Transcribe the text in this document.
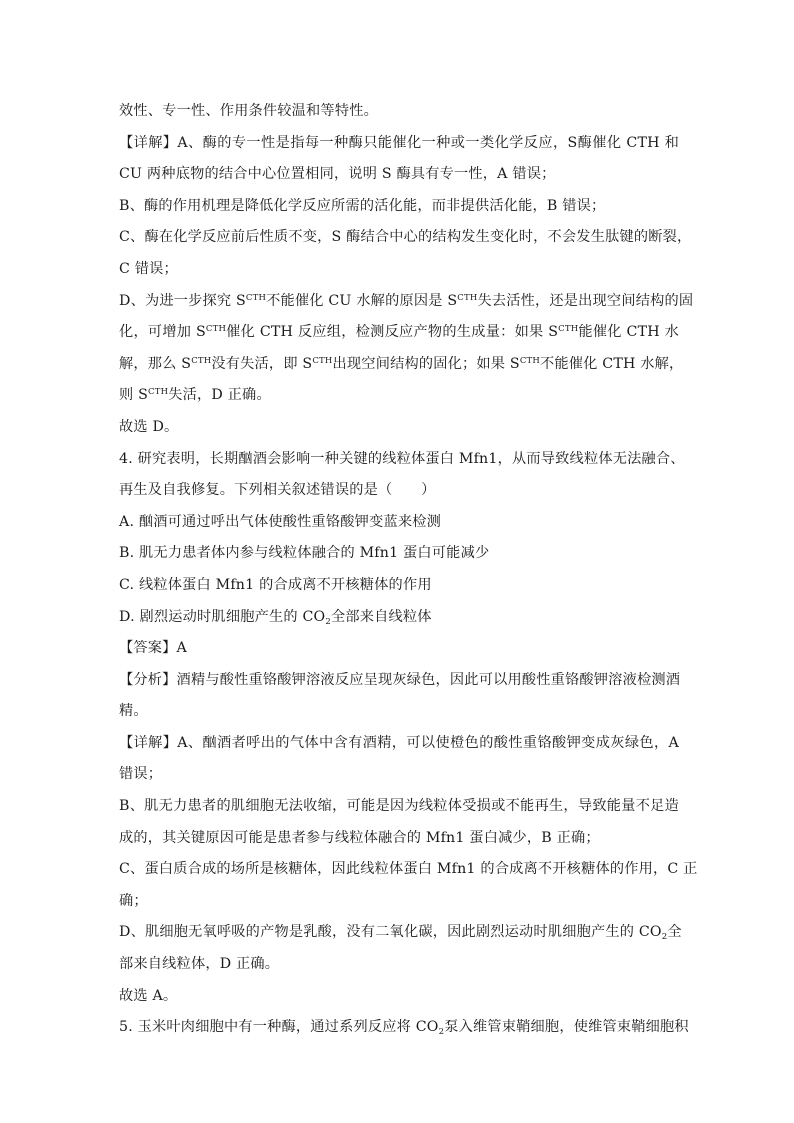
效性、专一性、作用条件较温和等特性。
【详解】A、酶的专一性是指每一种酶只能催化一种或一类化学反应，S酶催化 CTH 和
CU 两种底物的结合中心位置相同，说明 S 酶具有专一性，A 错误；
B、酶的作用机理是降低化学反应所需的活化能，而非提供活化能，B 错误；
C、酶在化学反应前后性质不变，S 酶结合中心的结构发生变化时，不会发生肽键的断裂，
C 错误；
D、为进一步探究 $S^{CTH}$不能催化 CU 水解的原因是 $S^{CTH}$失去活性，还是出现空间结构的固
化，可增加 $S^{CTH}$催化 CTH 反应组，检测反应产物的生成量：如果 $S^{CTH}$能催化 CTH 水
解，那么 $S^{CTH}$没有失活，即 $S^{CTH}$出现空间结构的固化；如果 $S^{CTH}$不能催化 CTH 水解，
则 $S^{CTH}$失活，D 正确。
故选 D。
4. 研究表明，长期酗酒会影响一种关键的线粒体蛋白 Mfn1，从而导致线粒体无法融合、
再生及自我修复。下列相关叙述错误的是（　　）
A. 酗酒可通过呼出气体使酸性重铬酸钾变蓝来检测
B. 肌无力患者体内参与线粒体融合的 Mfn1 蛋白可能减少
C. 线粒体蛋白 Mfn1 的合成离不开核糖体的作用
D. 剧烈运动时肌细胞产生的 $CO_2$全部来自线粒体
【答案】A
【分析】酒精与酸性重铬酸钾溶液反应呈现灰绿色，因此可以用酸性重铬酸钾溶液检测酒
精。
【详解】A、酗酒者呼出的气体中含有酒精，可以使橙色的酸性重铬酸钾变成灰绿色，A
错误；
B、肌无力患者的肌细胞无法收缩，可能是因为线粒体受损或不能再生，导致能量不足造
成的，其关键原因可能是患者参与线粒体融合的 Mfn1 蛋白减少，B 正确；
C、蛋白质合成的场所是核糖体，因此线粒体蛋白 Mfn1 的合成离不开核糖体的作用，C 正
确；
D、肌细胞无氧呼吸的产物是乳酸，没有二氧化碳，因此剧烈运动时肌细胞产生的 $CO_2$全
部来自线粒体，D 正确。
故选 A。
5. 玉米叶肉细胞中有一种酶，通过系列反应将 $CO_2$泵入维管束鞘细胞，使维管束鞘细胞积
